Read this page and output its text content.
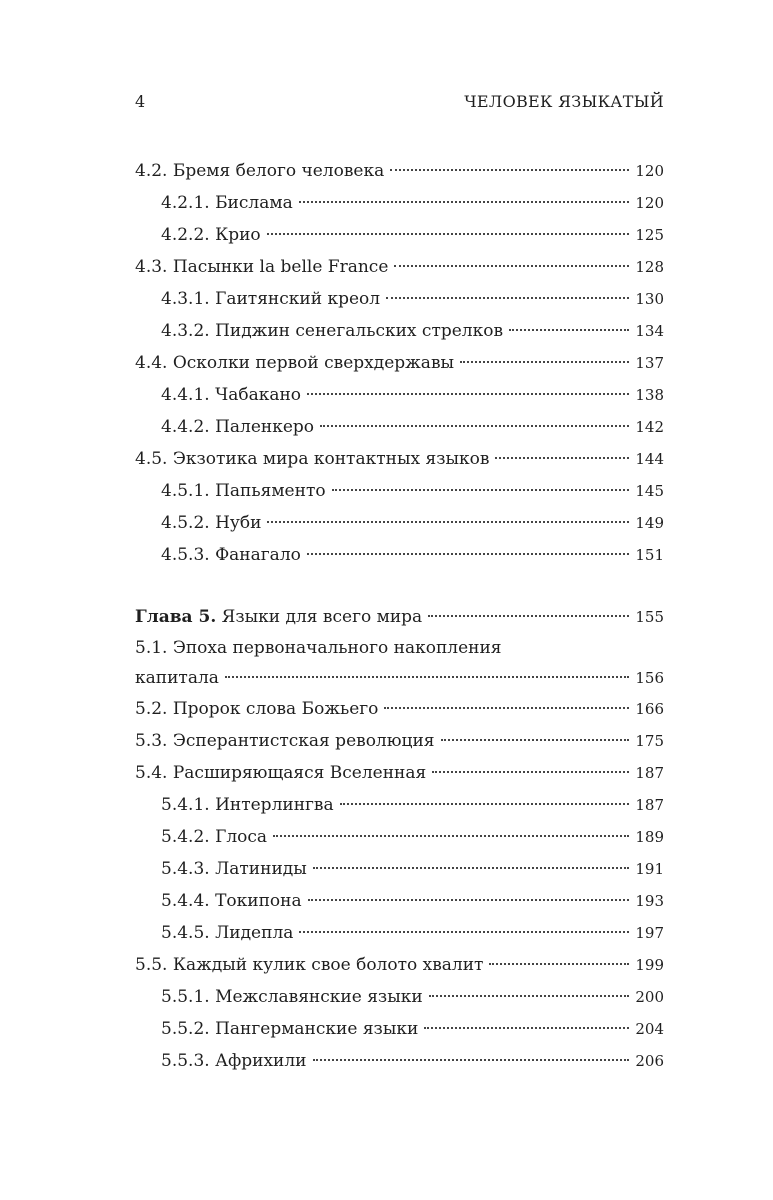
4	ЧЕЛОВЕК ЯЗЫКАТЫЙ
4.2. Бремя белого человека	120
4.2.1. Бислама	120
4.2.2. Крио	125
4.3. Пасынки la belle France	128
4.3.1. Гаитянский креол	130
4.3.2. Пиджин сенегальских стрелков	134
4.4. Осколки первой сверхдержавы	137
4.4.1. Чабакано	138
4.4.2. Паленкеро	142
4.5. Экзотика мира контактных языков	144
4.5.1. Папьяменто	145
4.5.2. Нуби	149
4.5.3. Фанагало	151
Глава 5. Языки для всего мира	155
5.1. Эпоха первоначального накопления
капитала	156
5.2. Пророк слова Божьего	166
5.3. Эсперантистская революция	175
5.4. Расширяющаяся Вселенная	187
5.4.1. Интерлингва	187
5.4.2. Глоса	189
5.4.3. Латиниды	191
5.4.4. Токипона	193
5.4.5. Лидепла	197
5.5. Каждый кулик свое болото хвалит	199
5.5.1. Межславянские языки	200
5.5.2. Пангерманские языки	204
5.5.3. Африхили	206
